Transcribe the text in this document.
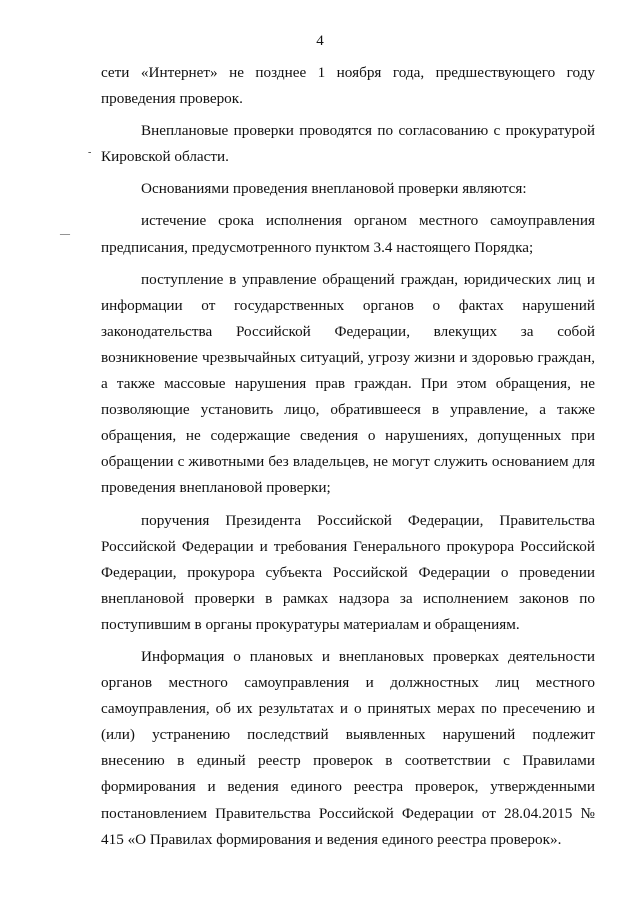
4
-
—

сети «Интернет» не позднее 1 ноября года, предшествующего году проведения проверок.

Внеплановые проверки проводятся по согласованию с прокуратурой Кировской области.

Основаниями проведения внеплановой проверки являются:

истечение срока исполнения органом местного самоуправления предписания, предусмотренного пунктом 3.4 настоящего Порядка;

поступление в управление обращений граждан, юридических лиц и информации от государственных органов о фактах нарушений законодательства Российской Федерации, влекущих за собой возникновение чрезвычайных ситуаций, угрозу жизни и здоровью граждан, а также массовые нарушения прав граждан. При этом обращения, не позволяющие установить лицо, обратившееся в управление, а также обращения, не содержащие сведения о нарушениях, допущенных при обращении с животными без владельцев, не могут служить основанием для проведения внеплановой проверки;

поручения Президента Российской Федерации, Правительства Российской Федерации и требования Генерального прокурора Российской Федерации, прокурора субъекта Российской Федерации о проведении внеплановой проверки в рамках надзора за исполнением законов по поступившим в органы прокуратуры материалам и обращениям.

Информация о плановых и внеплановых проверках деятельности органов местного самоуправления и должностных лиц местного самоуправления, об их результатах и о принятых мерах по пресечению и (или) устранению последствий выявленных нарушений подлежит внесению в единый реестр проверок в соответствии с Правилами формирования и ведения единого реестра проверок, утвержденными постановлением Правительства Российской Федерации от 28.04.2015 № 415 «О Правилах формирования и ведения единого реестра проверок».
